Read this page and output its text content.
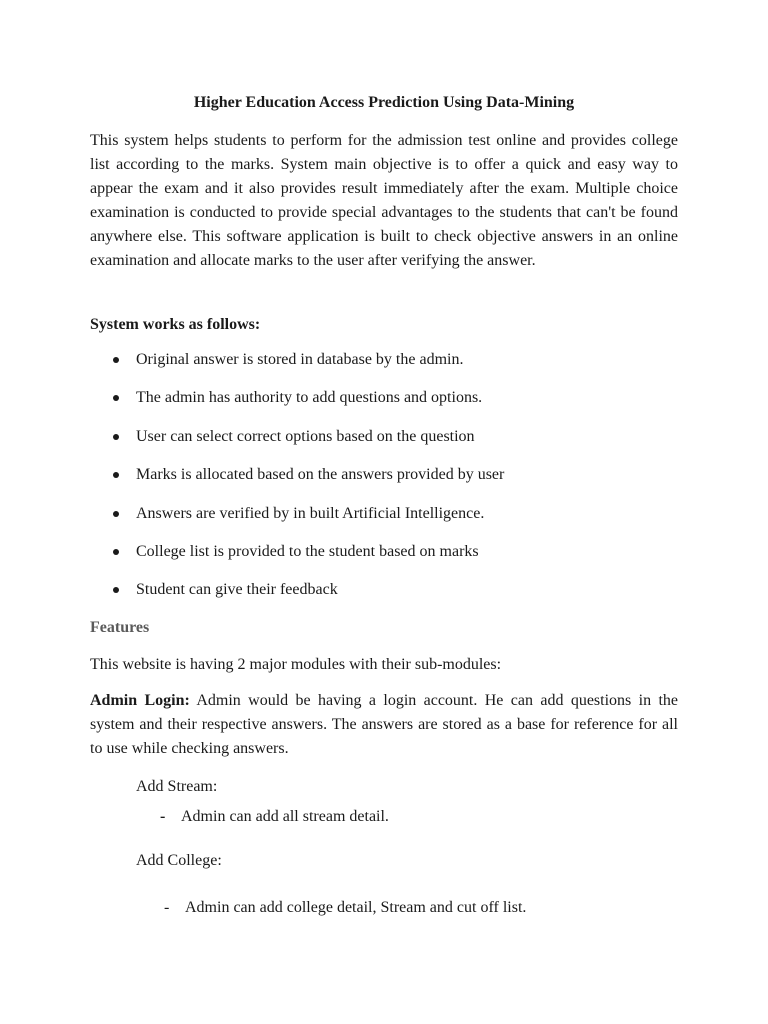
Higher Education Access Prediction Using Data-Mining

This system helps students to perform for the admission test online and provides college list according to the marks. System main objective is to offer a quick and easy way to appear the exam and it also provides result immediately after the exam. Multiple choice examination is conducted to provide special advantages to the students that can't be found anywhere else. This software application is built to check objective answers in an online examination and allocate marks to the user after verifying the answer.

System works as follows:

Original answer is stored in database by the admin.
The admin has authority to add questions and options.
User can select correct options based on the question
Marks is allocated based on the answers provided by user
Answers are verified by in built Artificial Intelligence.
College list is provided to the student based on marks
Student can give their feedback

Features

This website is having 2 major modules with their sub-modules:

Admin Login: Admin would be having a login account. He can add questions in the system and their respective answers. The answers are stored as a base for reference for all to use while checking answers.

Add Stream:

- Admin can add all stream detail.

Add College:

- Admin can add college detail, Stream and cut off list.
